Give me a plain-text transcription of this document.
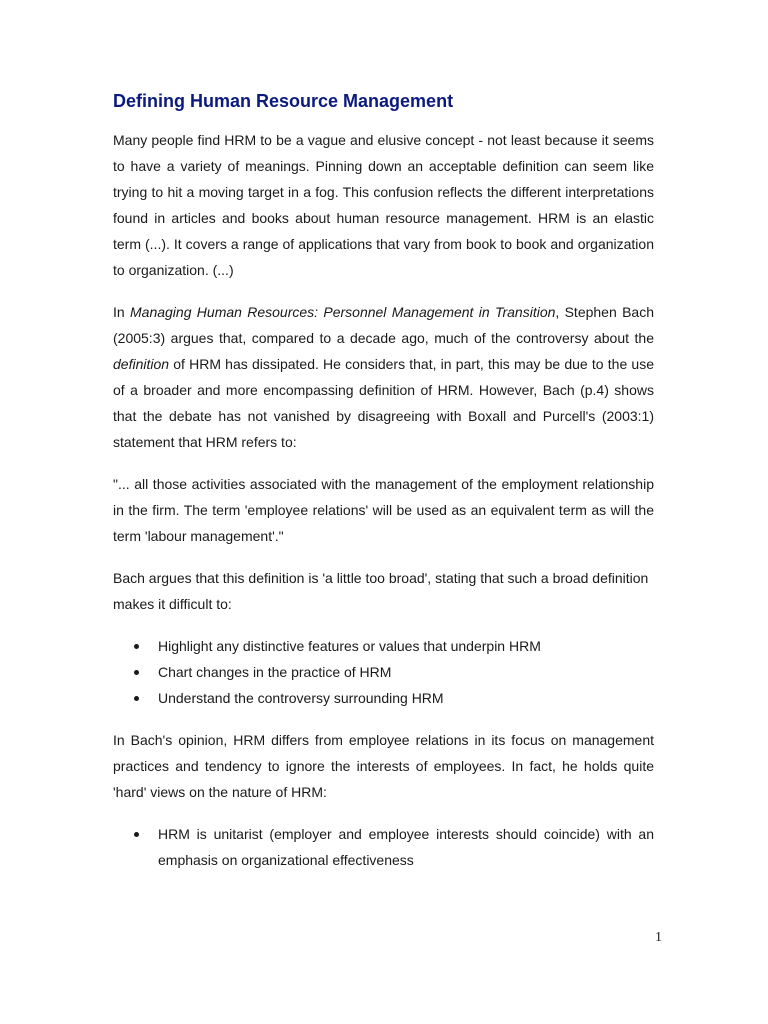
Defining Human Resource Management

Many people find HRM to be a vague and elusive concept - not least because it seems to have a variety of meanings. Pinning down an acceptable definition can seem like trying to hit a moving target in a fog. This confusion reflects the different interpretations found in articles and books about human resource management. HRM is an elastic term (...). It covers a range of applications that vary from book to book and organization to organization. (...)

In Managing Human Resources: Personnel Management in Transition, Stephen Bach (2005:3) argues that, compared to a decade ago, much of the controversy about the definition of HRM has dissipated. He considers that, in part, this may be due to the use of a broader and more encompassing definition of HRM. However, Bach (p.4) shows that the debate has not vanished by disagreeing with Boxall and Purcell's (2003:1) statement that HRM refers to:

"... all those activities associated with the management of the employment relationship in the firm. The term 'employee relations' will be used as an equivalent term as will the term 'labour management'."

Bach argues that this definition is 'a little too broad', stating that such a broad definition makes it difficult to:

Highlight any distinctive features or values that underpin HRM
Chart changes in the practice of HRM
Understand the controversy surrounding HRM

In Bach's opinion, HRM differs from employee relations in its focus on management practices and tendency to ignore the interests of employees. In fact, he holds quite 'hard' views on the nature of HRM:

HRM is unitarist (employer and employee interests should coincide) with an emphasis on organizational effectiveness
1
